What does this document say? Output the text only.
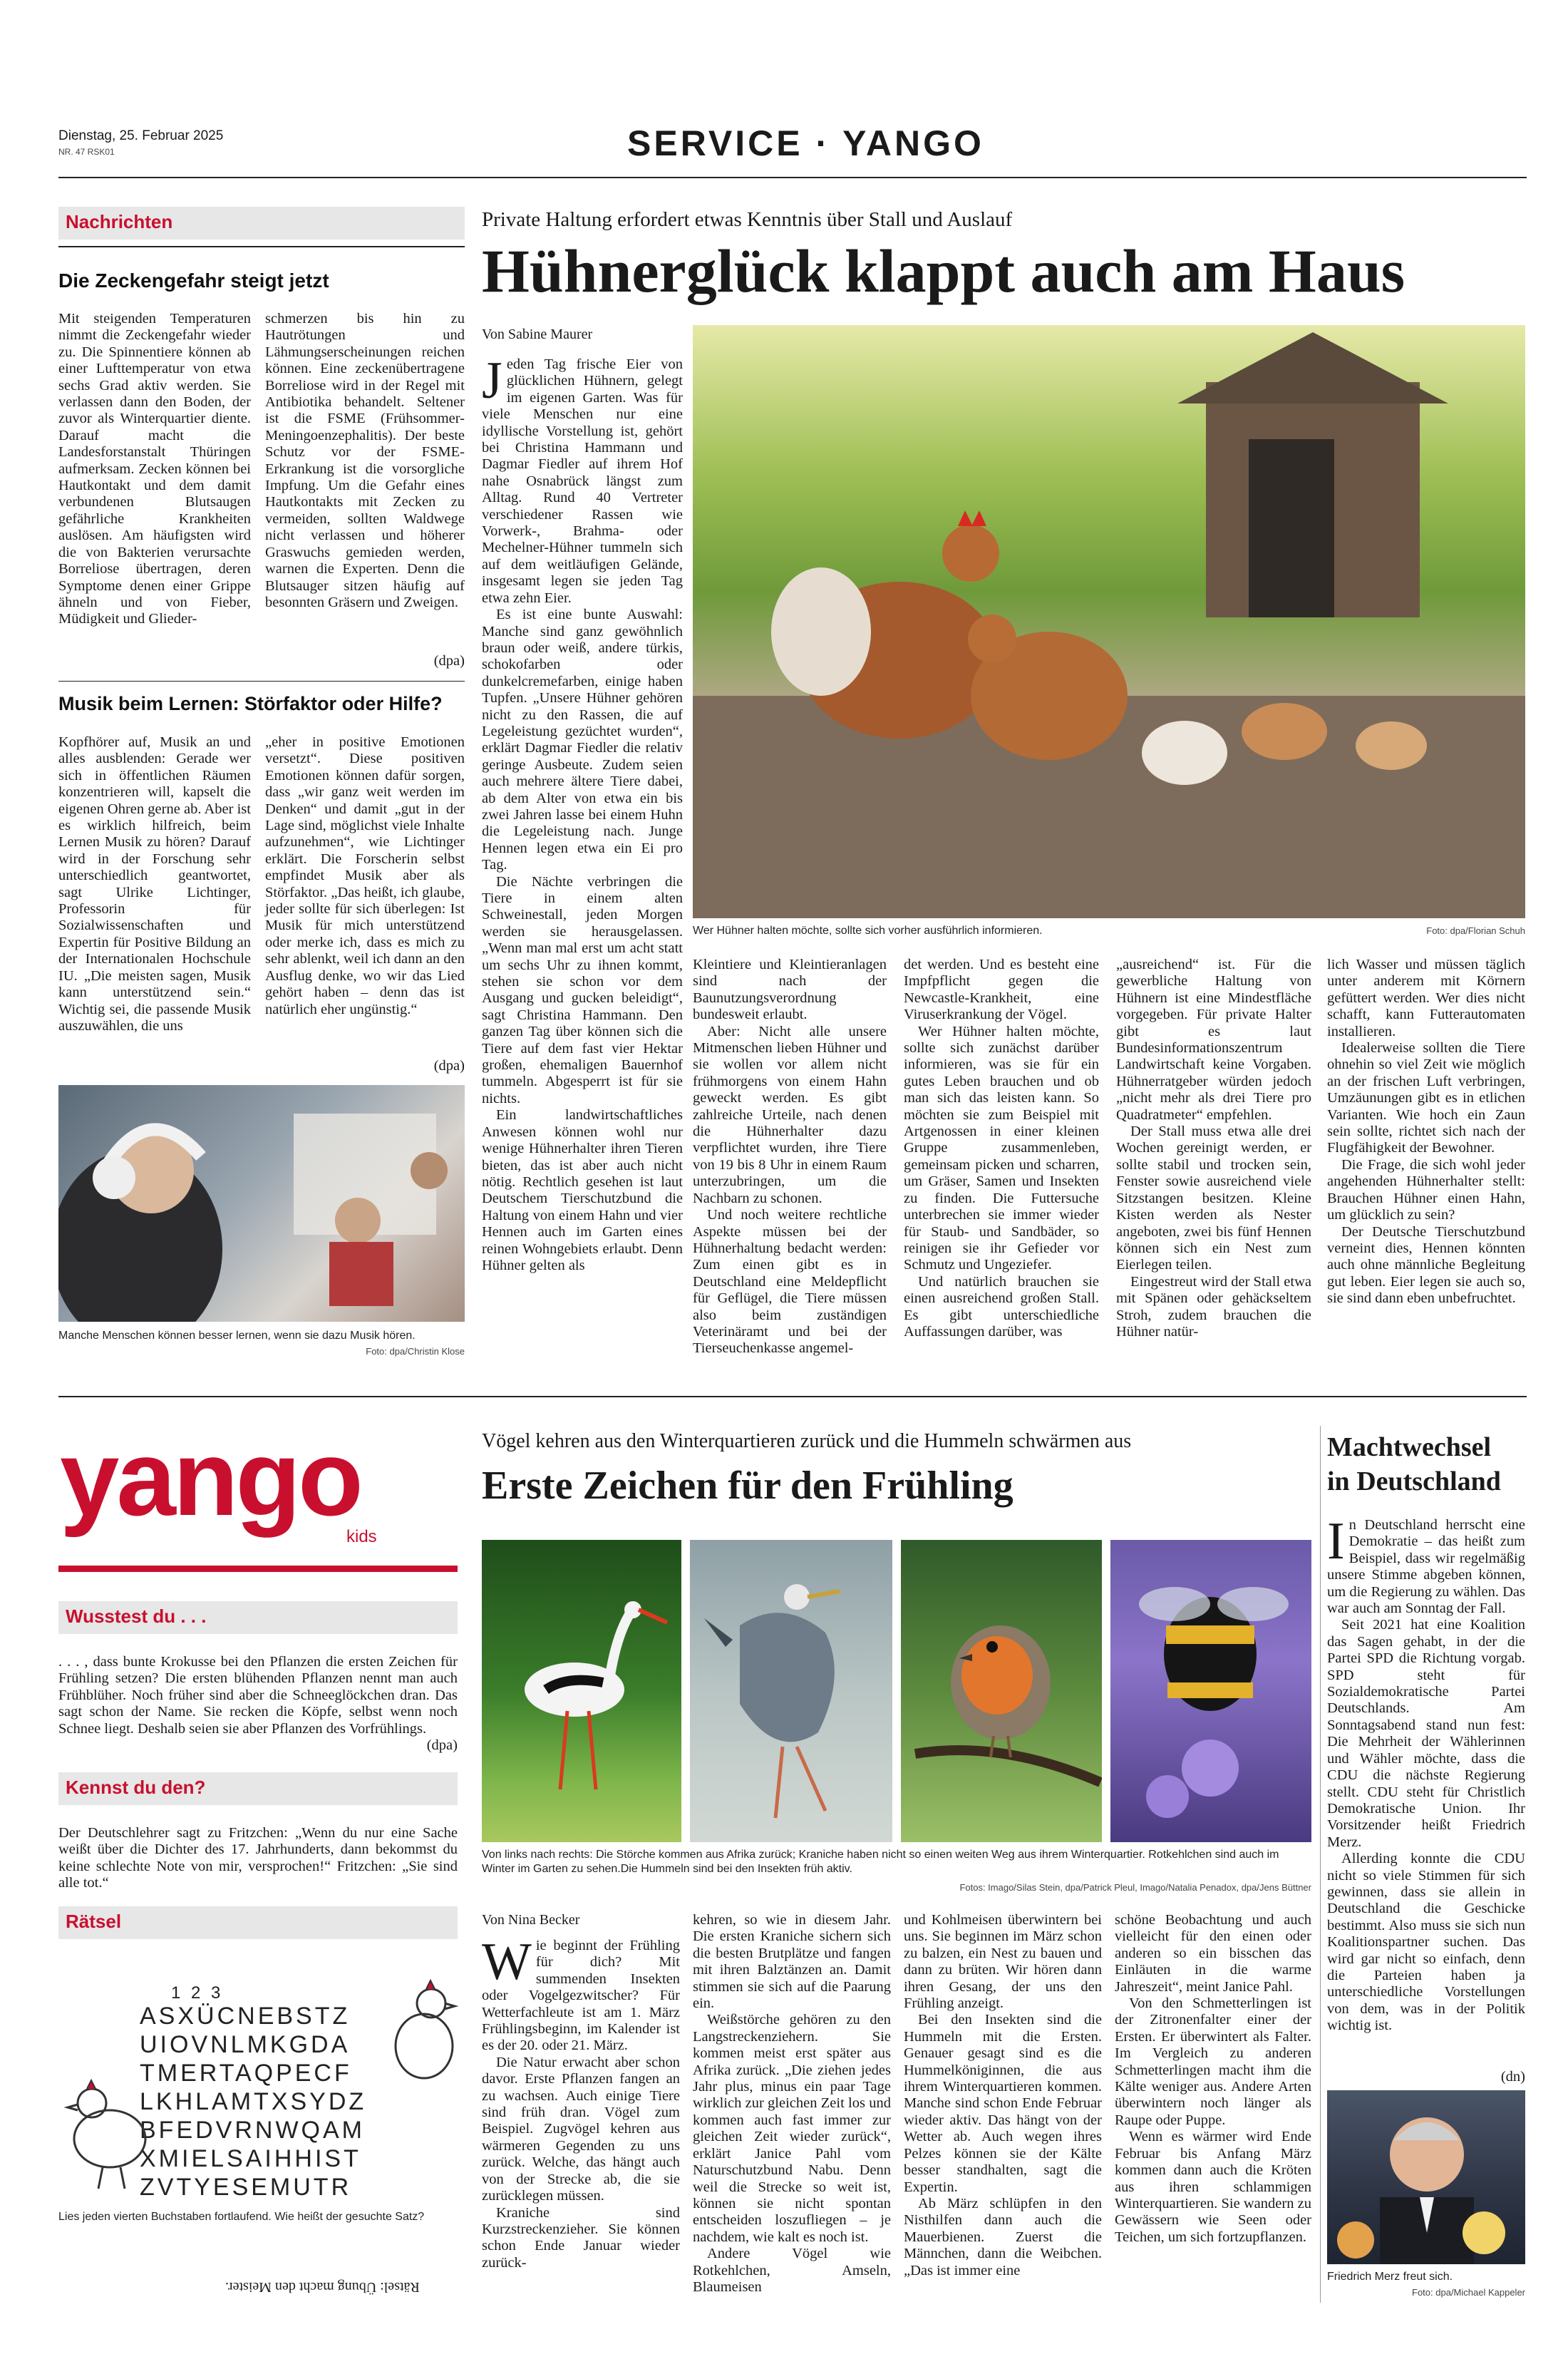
Dienstag, 25. Februar 2025
NR. 47 RSK01	SERVICE · YANGO
Nachrichten
Die Zeckengefahr steigt jetzt

Mit steigenden Temperaturen nimmt die Zeckengefahr wieder zu. Die Spinnentiere können ab einer Lufttemperatur von etwa sechs Grad aktiv werden. Sie verlassen dann den Boden, der zuvor als Winterquartier diente. Darauf macht die Landesforstanstalt Thüringen aufmerksam. Zecken können bei Hautkontakt und dem damit verbundenen Blutsaugen gefährliche Krankheiten auslösen. Am häufigsten wird die von Bakterien verursachte Borreliose übertragen, deren Symptome denen einer Grippe ähneln und von Fieber, Müdigkeit und Glieder-

schmerzen bis hin zu Hautrötungen und Lähmungserscheinungen reichen können. Eine zeckenübertragene Borreliose wird in der Regel mit Antibiotika behandelt. Seltener ist die FSME (Frühsommer-Meningoenzephalitis). Der beste Schutz vor der FSME-Erkrankung ist die vorsorgliche Impfung. Um die Gefahr eines Hautkontakts mit Zecken zu vermeiden, sollten Waldwege nicht verlassen und höherer Graswuchs gemieden werden, warnen die Experten. Denn die Blutsauger sitzen häufig auf besonnten Gräsern und Zweigen.

(dpa)
Musik beim Lernen: Störfaktor oder Hilfe?

Kopfhörer auf, Musik an und alles ausblenden: Gerade wer sich in öffentlichen Räumen konzentrieren will, kapselt die eigenen Ohren gerne ab. Aber ist es wirklich hilfreich, beim Lernen Musik zu hören? Darauf wird in der Forschung sehr unterschiedlich geantwortet, sagt Ulrike Lichtinger, Professorin für Sozialwissenschaften und Expertin für Positive Bildung an der Internationalen Hochschule IU. „Die meisten sagen, Musik kann unterstützend sein.“ Wichtig sei, die passende Musik auszuwählen, die uns

„eher in positive Emotionen versetzt“. Diese positiven Emotionen können dafür sorgen, dass „wir ganz weit werden im Denken“ und damit „gut in der Lage sind, möglichst viele Inhalte aufzunehmen“, wie Lichtinger erklärt. Die Forscherin selbst empfindet Musik aber als Störfaktor. „Das heißt, ich glaube, jeder sollte für sich überlegen: Ist Musik für mich unterstützend oder merke ich, dass es mich zu sehr ablenkt, weil ich dann an den Ausflug denke, wo wir das Lied gehört haben – denn das ist natürlich eher ungünstig.“

(dpa)
Manche Menschen können besser lernen, wenn sie dazu Musik hören.
Foto: dpa/Christin Klose
Private Haltung erfordert etwas Kenntnis über Stall und Auslauf
Hühnerglück klappt auch am Haus
Von Sabine Maurer

Jeden Tag frische Eier von glücklichen Hühnern, gelegt im eigenen Garten. Was für viele Menschen nur eine idyllische Vorstellung ist, gehört bei Christina Hammann und Dagmar Fiedler auf ihrem Hof nahe Osnabrück längst zum Alltag. Rund 40 Vertreter verschiedener Rassen wie Vorwerk-, Brahma- oder Mechelner-Hühner tummeln sich auf dem weitläufigen Gelände, insgesamt legen sie jeden Tag etwa zehn Eier.

Es ist eine bunte Auswahl: Manche sind ganz gewöhnlich braun oder weiß, andere türkis, schokofarben oder dunkelcremefarben, einige haben Tupfen. „Unsere Hühner gehören nicht zu den Rassen, die auf Legeleistung gezüchtet wurden“, erklärt Dagmar Fiedler die relativ geringe Ausbeute. Zudem seien auch mehrere ältere Tiere dabei, ab dem Alter von etwa ein bis zwei Jahren lasse bei einem Huhn die Legeleistung nach. Junge Hennen legen etwa ein Ei pro Tag.

Die Nächte verbringen die Tiere in einem alten Schweinestall, jeden Morgen werden sie herausgelassen. „Wenn man mal erst um acht statt um sechs Uhr zu ihnen kommt, stehen sie schon vor dem Ausgang und gucken beleidigt“, sagt Christina Hammann. Den ganzen Tag über können sich die Tiere auf dem fast vier Hektar großen, ehemaligen Bauernhof tummeln. Abgesperrt ist für sie nichts.

Ein landwirtschaftliches Anwesen können wohl nur wenige Hühnerhalter ihren Tieren bieten, das ist aber auch nicht nötig. Rechtlich gesehen ist laut Deutschem Tierschutzbund die Haltung von einem Hahn und vier Hennen auch im Garten eines reinen Wohngebiets erlaubt. Denn Hühner gelten als

Wer Hühner halten möchte, sollte sich vorher ausführlich informieren.	Foto: dpa/Florian Schuh

Kleintiere und Kleintieranlagen sind nach der Baunutzungsverordnung bundesweit erlaubt.

Aber: Nicht alle unsere Mitmenschen lieben Hühner und sie wollen vor allem nicht frühmorgens von einem Hahn geweckt werden. Es gibt zahlreiche Urteile, nach denen die Hühnerhalter dazu verpflichtet wurden, ihre Tiere von 19 bis 8 Uhr in einem Raum unterzubringen, um die Nachbarn zu schonen.

Und noch weitere rechtliche Aspekte müssen bei der Hühnerhaltung bedacht werden: Zum einen gibt es in Deutschland eine Meldepflicht für Geflügel, die Tiere müssen also beim zuständigen Veterinäramt und bei der Tierseuchenkasse angemel-

det werden. Und es besteht eine Impfpflicht gegen die Newcastle-Krankheit, eine Viruserkrankung der Vögel.

Wer Hühner halten möchte, sollte sich zunächst darüber informieren, was sie für ein gutes Leben brauchen und ob man sich das leisten kann. So möchten sie zum Beispiel mit Artgenossen in einer kleinen Gruppe zusammenleben, gemeinsam picken und scharren, um Gräser, Samen und Insekten zu finden. Die Futtersuche unterbrechen sie immer wieder für Staub- und Sandbäder, so reinigen sie ihr Gefieder vor Schmutz und Ungeziefer.

Und natürlich brauchen sie einen ausreichend großen Stall. Es gibt unterschiedliche Auffassungen darüber, was

„ausreichend“ ist. Für die gewerbliche Haltung von Hühnern ist eine Mindestfläche vorgegeben. Für private Halter gibt es laut Bundesinformationszentrum Landwirtschaft keine Vorgaben. Hühnerratgeber würden jedoch „nicht mehr als drei Tiere pro Quadratmeter“ empfehlen.

Der Stall muss etwa alle drei Wochen gereinigt werden, er sollte stabil und trocken sein, Fenster sowie ausreichend viele Sitzstangen besitzen. Kleine Kisten werden als Nester angeboten, zwei bis fünf Hennen können sich ein Nest zum Eierlegen teilen.

Eingestreut wird der Stall etwa mit Spänen oder gehäckseltem Stroh, zudem brauchen die Hühner natür-

lich Wasser und müssen täglich unter anderem mit Körnern gefüttert werden. Wer dies nicht schafft, kann Futterautomaten installieren.

Idealerweise sollten die Tiere ohnehin so viel Zeit wie möglich an der frischen Luft verbringen, Umzäunungen gibt es in etlichen Varianten. Wie hoch ein Zaun sein sollte, richtet sich nach der Flugfähigkeit der Bewohner.

Die Frage, die sich wohl jeder angehenden Hühnerhalter stellt: Brauchen Hühner einen Hahn, um glücklich zu sein?

Der Deutsche Tierschutzbund verneint dies, Hennen könnten auch ohne männliche Begleitung gut leben. Eier legen sie auch so, sie sind dann eben unbefruchtet.

yango
kids
Wusstest du . . .

. . . , dass bunte Krokusse bei den Pflanzen die ersten Zeichen für Frühling setzen? Die ersten blühenden Pflanzen nennt man auch Frühblüher. Noch früher sind aber die Schneeglöckchen dran. Das sagt schon der Name. Sie recken die Köpfe, selbst wenn noch Schnee liegt. Deshalb seien sie aber Pflanzen des Vorfrühlings.

(dpa)
Kennst du den?

Der Deutschlehrer sagt zu Fritzchen: „Wenn du nur eine Sache weißt über die Dichter des 17. Jahrhunderts, dann bekommst du keine schlechte Note von mir, versprochen!“ Fritzchen: „Sie sind alle tot.“

Rätsel
1 2 3
ASXÜCNEBSTZ
UIOVNLMKGDA
TMERTAQPECF
LKHLAMTXSYDZ
BFEDVRNWQAM
XMIELSAIHHIST
ZVTYESEMUTR
Lies jeden vierten Buchstaben fortlaufend. Wie heißt der gesuchte Satz?
Rätsel: Übung macht den Meister.
Vögel kehren aus den Winterquartieren zurück und die Hummeln schwärmen aus
Erste Zeichen für den Frühling
Von links nach rechts: Die Störche kommen aus Afrika zurück; Kraniche haben nicht so einen weiten Weg aus ihrem Winterquartier. Rotkehlchen sind auch im Winter im Garten zu sehen.Die Hummeln sind bei den Insekten früh aktiv.
Fotos: Imago/Silas Stein, dpa/Patrick Pleul, Imago/Natalia Penadox, dpa/Jens Büttner
Von Nina Becker

Wie beginnt der Frühling für dich? Mit summenden Insekten oder Vogelgezwitscher? Für Wetterfachleute ist am 1. März Frühlingsbeginn, im Kalender ist es der 20. oder 21. März.

Die Natur erwacht aber schon davor. Erste Pflanzen fangen an zu wachsen. Auch einige Tiere sind früh dran. Vögel zum Beispiel. Zugvögel kehren aus wärmeren Gegenden zu uns zurück. Welche, das hängt auch von der Strecke ab, die sie zurücklegen müssen.

Kraniche sind Kurzstreckenzieher. Sie können schon Ende Januar wieder zurück-

kehren, so wie in diesem Jahr. Die ersten Kraniche sichern sich die besten Brutplätze und fangen mit ihren Balztänzen an. Damit stimmen sie sich auf die Paarung ein.

Weißstörche gehören zu den Langstreckenziehern. Sie kommen meist erst später aus Afrika zurück. „Die ziehen jedes Jahr plus, minus ein paar Tage wirklich zur gleichen Zeit los und kommen auch fast immer zur gleichen Zeit wieder zurück“, erklärt Janice Pahl vom Naturschutzbund Nabu. Denn weil die Strecke so weit ist, können sie nicht spontan entscheiden loszufliegen – je nachdem, wie kalt es noch ist.

Andere Vögel wie Rotkehlchen, Amseln, Blaumeisen

und Kohlmeisen überwintern bei uns. Sie beginnen im März schon zu balzen, ein Nest zu bauen und dann zu brüten. Wir hören dann ihren Gesang, der uns den Frühling anzeigt.

Bei den Insekten sind die Hummeln mit die Ersten. Genauer gesagt sind es die Hummelköniginnen, die aus ihrem Winterquartieren kommen. Manche sind schon Ende Februar wieder aktiv. Das hängt von der Wetter ab. Auch wegen ihres Pelzes können sie der Kälte besser standhalten, sagt die Expertin.

Ab März schlüpfen in den Nisthilfen dann auch die Mauerbienen. Zuerst die Männchen, dann die Weibchen. „Das ist immer eine

schöne Beobachtung und auch vielleicht für den einen oder anderen so ein bisschen das Einläuten in die warme Jahreszeit“, meint Janice Pahl.

Von den Schmetterlingen ist der Zitronenfalter einer der Ersten. Er überwintert als Falter. Im Vergleich zu anderen Schmetterlingen macht ihm die Kälte weniger aus. Andere Arten überwintern noch länger als Raupe oder Puppe.

Wenn es wärmer wird Ende Februar bis Anfang März kommen dann auch die Kröten aus ihren schlammigen Winterquartieren. Sie wandern zu Gewässern wie Seen oder Teichen, um sich fortzupflanzen.

Machtwechsel in Deutschland

In Deutschland herrscht eine Demokratie – das heißt zum Beispiel, dass wir regelmäßig unsere Stimme abgeben können, um die Regierung zu wählen. Das war auch am Sonntag der Fall.

Seit 2021 hat eine Koalition das Sagen gehabt, in der die Partei SPD die Richtung vorgab. SPD steht für Sozialdemokratische Partei Deutschlands. Am Sonntagsabend stand nun fest: Die Mehrheit der Wählerinnen und Wähler möchte, dass die CDU die nächste Regierung stellt. CDU steht für Christlich Demokratische Union. Ihr Vorsitzender heißt Friedrich Merz.

Allerding konnte die CDU nicht so viele Stimmen für sich gewinnen, dass sie allein in Deutschland die Geschicke bestimmt. Also muss sie sich nun Koalitionspartner suchen. Das wird gar nicht so einfach, denn die Parteien haben ja unterschiedliche Vorstellungen von dem, was in der Politik wichtig ist.

(dn)
Friedrich Merz freut sich.
Foto: dpa/Michael Kappeler
